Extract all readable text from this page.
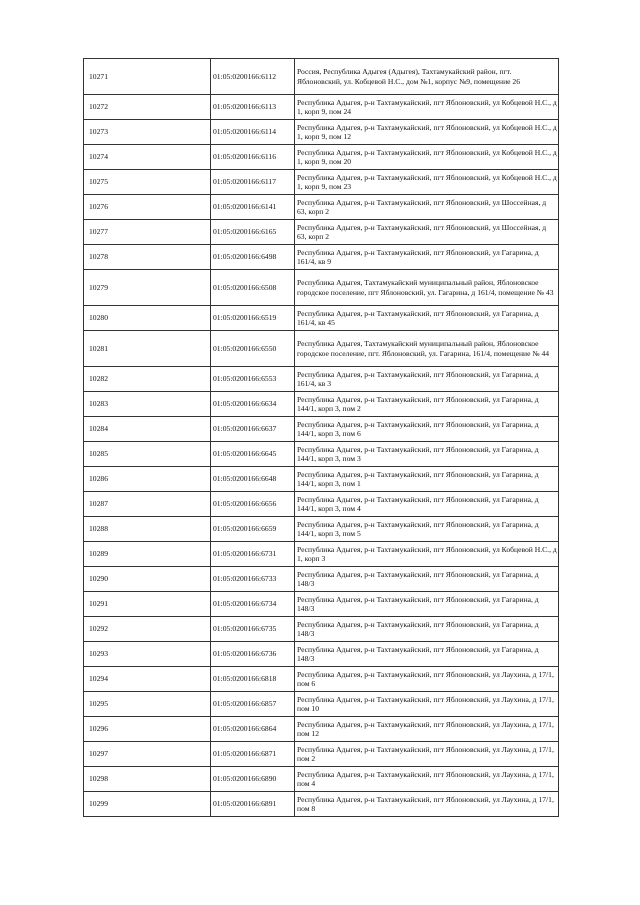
10271	01:05:0200166:6112	Россия, Республика Адыгея (Адыгея), Тахтамукайский район, пгт. Яблоновский, ул. Кобцевой Н.С., дом №1, корпус №9, помещение 26
10272	01:05:0200166:6113	Республика Адыгея, р-н Тахтамукайский, пгт Яблоновский, ул Кобцевой Н.С., д 1, корп 9, пом 24
10273	01:05:0200166:6114	Республика Адыгея, р-н Тахтамукайский, пгт Яблоновский, ул Кобцевой Н.С., д 1, корп 9, пом 12
10274	01:05:0200166:6116	Республика Адыгея, р-н Тахтамукайский, пгт Яблоновский, ул Кобцевой Н.С., д 1, корп 9, пом 20
10275	01:05:0200166:6117	Республика Адыгея, р-н Тахтамукайский, пгт Яблоновский, ул Кобцевой Н.С., д 1, корп 9, пом 23
10276	01:05:0200166:6141	Республика Адыгея, р-н Тахтамукайский, пгт Яблоновский, ул Шоссейная, д 63, корп 2
10277	01:05:0200166:6165	Республика Адыгея, р-н Тахтамукайский, пгт Яблоновский, ул Шоссейная, д 63, корп 2
10278	01:05:0200166:6498	Республика Адыгея, р-н Тахтамукайский, пгт Яблоновский, ул Гагарина, д 161/4, кв 9
10279	01:05:0200166:6508	Республика Адыгея, Тахтамукайский муниципальный район, Яблоновское городское поселение, пгт Яблоновский, ул. Гагарина, д 161/4, помещение № 43
10280	01:05:0200166:6519	Республика Адыгея, р-н Тахтамукайский, пгт Яблоновский, ул Гагарина, д 161/4, кв 45
10281	01:05:0200166:6550	Республика Адыгея, Тахтамукайский муниципальный район, Яблоновское городское поселение, пгт. Яблоновский, ул. Гагарина, 161/4, помещение № 44
10282	01:05:0200166:6553	Республика Адыгея, р-н Тахтамукайский, пгт Яблоновский, ул Гагарина, д 161/4, кв 3
10283	01:05:0200166:6634	Республика Адыгея, р-н Тахтамукайский, пгт Яблоновский, ул Гагарина, д 144/1, корп 3, пом 2
10284	01:05:0200166:6637	Республика Адыгея, р-н Тахтамукайский, пгт Яблоновский, ул Гагарина, д 144/1, корп 3, пом 6
10285	01:05:0200166:6645	Республика Адыгея, р-н Тахтамукайский, пгт Яблоновский, ул Гагарина, д 144/1, корп 3, пом 3
10286	01:05:0200166:6648	Республика Адыгея, р-н Тахтамукайский, пгт Яблоновский, ул Гагарина, д 144/1, корп 3, пом 1
10287	01:05:0200166:6656	Республика Адыгея, р-н Тахтамукайский, пгт Яблоновский, ул Гагарина, д 144/1, корп 3, пом 4
10288	01:05:0200166:6659	Республика Адыгея, р-н Тахтамукайский, пгт Яблоновский, ул Гагарина, д 144/1, корп 3, пом 5
10289	01:05:0200166:6731	Республика Адыгея, р-н Тахтамукайский, пгт Яблоновский, ул Кобцевой Н.С., д 1, корп 3
10290	01:05:0200166:6733	Республика Адыгея, р-н Тахтамукайский, пгт Яблоновский, ул Гагарина, д 148/3
10291	01:05:0200166:6734	Республика Адыгея, р-н Тахтамукайский, пгт Яблоновский, ул Гагарина, д 148/3
10292	01:05:0200166:6735	Республика Адыгея, р-н Тахтамукайский, пгт Яблоновский, ул Гагарина, д 148/3
10293	01:05:0200166:6736	Республика Адыгея, р-н Тахтамукайский, пгт Яблоновский, ул Гагарина, д 148/3
10294	01:05:0200166:6818	Республика Адыгея, р-н Тахтамукайский, пгт Яблоновский, ул Лаухина, д 17/1, пом 6
10295	01:05:0200166:6857	Республика Адыгея, р-н Тахтамукайский, пгт Яблоновский, ул Лаухина, д 17/1, пом 10
10296	01:05:0200166:6864	Республика Адыгея, р-н Тахтамукайский, пгт Яблоновский, ул Лаухина, д 17/1, пом 12
10297	01:05:0200166:6871	Республика Адыгея, р-н Тахтамукайский, пгт Яблоновский, ул Лаухина, д 17/1, пом 2
10298	01:05:0200166:6890	Республика Адыгея, р-н Тахтамукайский, пгт Яблоновский, ул Лаухина, д 17/1, пом 4
10299	01:05:0200166:6891	Республика Адыгея, р-н Тахтамукайский, пгт Яблоновский, ул Лаухина, д 17/1, пом 8
